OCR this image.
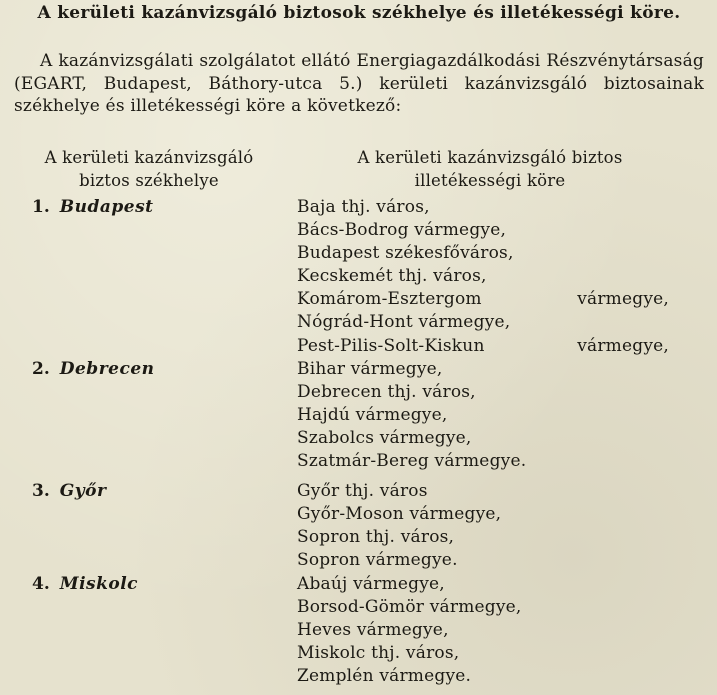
A kerületi kazánvizsgáló biztosok székhelye és illetékességi köre.
A kazánvizsgálati szolgálatot ellátó Energiagazdálkodási Részvénytársaság (EGART, Budapest, Báthory-utca 5.) kerületi kazánvizsgáló biztosainak székhelye és illetékességi köre a következő:
A kerületi kazánvizsgáló
biztos székhelye
A kerületi kazánvizsgáló biztos
illetékességi köre
1. Budapest	Baja thj. város,
Bács-Bodrog vármegye,
Budapest székesfőváros,
Kecskemét thj. város,
Komárom-Esztergom vármegye,
Nógrád-Hont vármegye,
Pest-Pilis-Solt-Kiskun vármegye,
2. Debrecen	Bihar vármegye,
Debrecen thj. város,
Hajdú vármegye,
Szabolcs vármegye,
Szatmár-Bereg vármegye.
3. Győr	Győr thj. város
Győr-Moson vármegye,
Sopron thj. város,
Sopron vármegye.
4. Miskolc	Abaúj vármegye,
Borsod-Gömör vármegye,
Heves vármegye,
Miskolc thj. város,
Zemplén vármegye.
